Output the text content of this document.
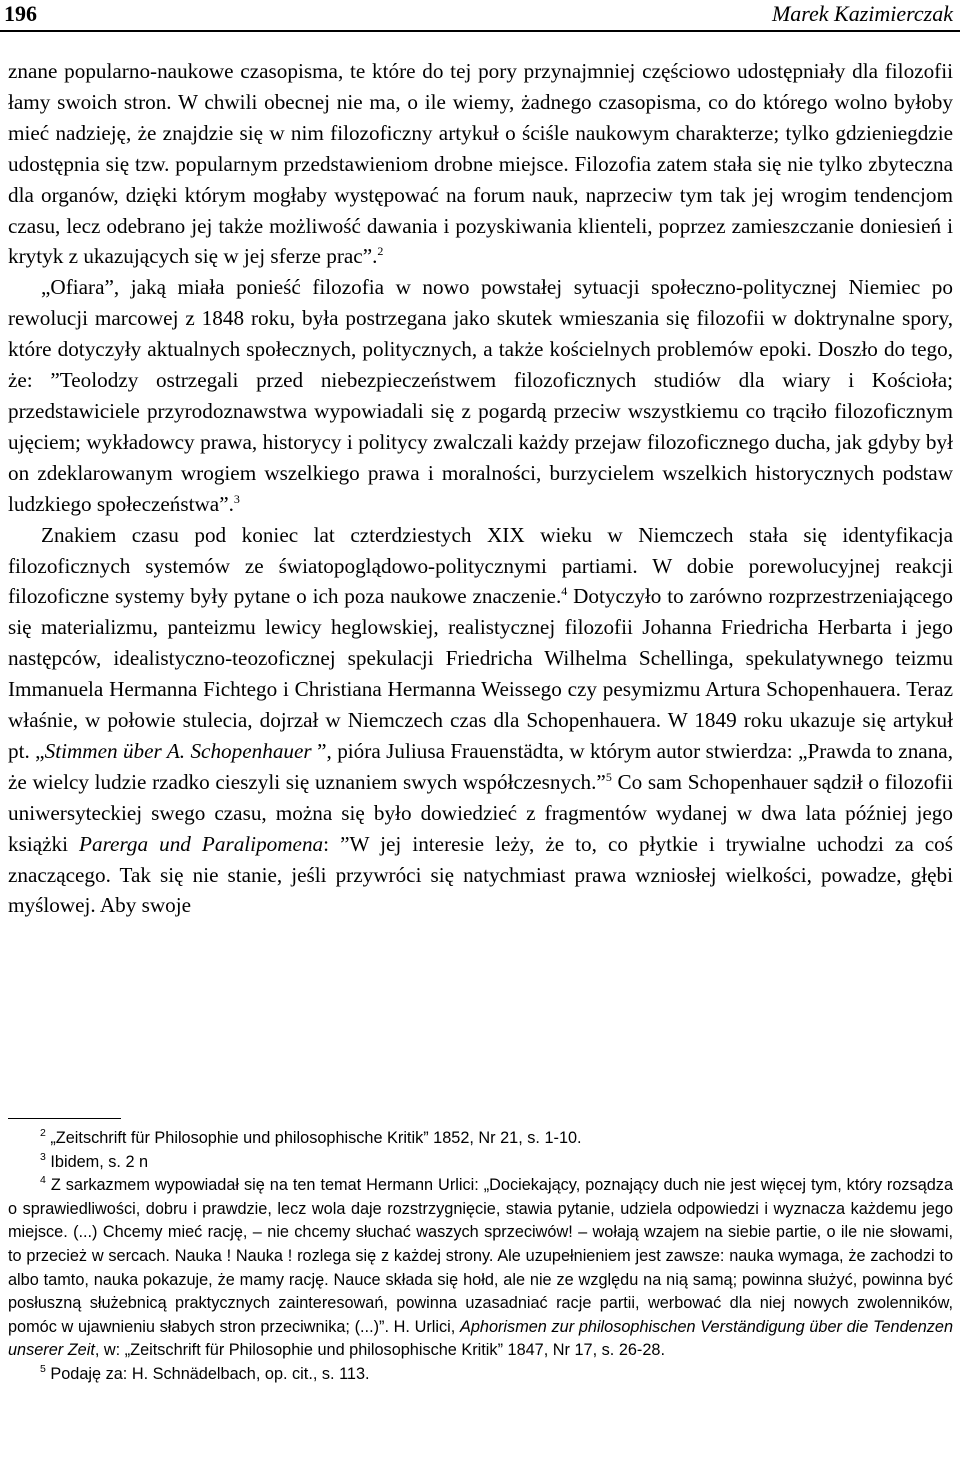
196	Marek Kazimierczak

znane popularno-naukowe czasopisma, te które do tej pory przynajmniej częściowo udostępniały dla filozofii łamy swoich stron. W chwili obecnej nie ma, o ile wiemy, żadnego czasopisma, co do którego wolno byłoby mieć nadzieję, że znajdzie się w nim filozoficzny artykuł o ściśle naukowym charakterze; tylko gdzieniegdzie udostępnia się tzw. popularnym przedstawieniom drobne miejsce. Filozofia zatem stała się nie tylko zbyteczna dla organów, dzięki którym mogłaby występować na forum nauk, naprzeciw tym tak jej wrogim tendencjom czasu, lecz odebrano jej także możliwość dawania i pozyskiwania klienteli, poprzez zamieszczanie doniesień i krytyk z ukazujących się w jej sferze prac”.$^2$

„Ofiara”, jaką miała ponieść filozofia w nowo powstałej sytuacji społeczno-politycznej Niemiec po rewolucji marcowej z 1848 roku, była postrzegana jako skutek wmieszania się filozofii w doktrynalne spory, które dotyczyły aktualnych społecznych, politycznych, a także kościelnych problemów epoki. Doszło do tego, że: ”Teolodzy ostrzegali przed niebezpieczeństwem filozoficznych studiów dla wiary i Kościoła; przedstawiciele przyrodoznawstwa wypowiadali się z pogardą przeciw wszystkiemu co trąciło filozoficznym ujęciem; wykładowcy prawa, historycy i politycy zwalczali każdy przejaw filozoficznego ducha, jak gdyby był on zdeklarowanym wrogiem wszelkiego prawa i moralności, burzycielem wszelkich historycznych podstaw ludzkiego społeczeństwa”.$^3$

Znakiem czasu pod koniec lat czterdziestych XIX wieku w Niemczech stała się identyfikacja filozoficznych systemów ze światopoglądowo-politycznymi partiami. W dobie porewolucyjnej reakcji filozoficzne systemy były pytane o ich poza naukowe znaczenie.$^4$ Dotyczyło to zarówno rozprzestrzeniającego się materializmu, panteizmu lewicy heglowskiej, realistycznej filozofii Johanna Friedricha Herbarta i jego następców, idealistyczno-teozoficznej spekulacji Friedricha Wilhelma Schellinga, spekulatywnego teizmu Immanuela Hermanna Fichtego i Christiana Hermanna Weissego czy pesymizmu Artura Schopenhauera. Teraz właśnie, w połowie stulecia, dojrzał w Niemczech czas dla Schopenhauera. W 1849 roku ukazuje się artykuł pt. „Stimmen über A. Schopenhauer ”, pióra Juliusa Frauenstädta, w którym autor stwierdza: „Prawda to znana, że wielcy ludzie rzadko cieszyli się uznaniem swych współczesnych.”$^5$ Co sam Schopenhauer sądził o filozofii uniwersyteckiej swego czasu, można się było dowiedzieć z fragmentów wydanej w dwa lata później jego książki Parerga und Paralipomena: ”W jej interesie leży, że to, co płytkie i trywialne uchodzi za coś znaczącego. Tak się nie stanie, jeśli przywróci się natychmiast prawa wzniosłej wielkości, powadze, głębi myślowej. Aby swoje

$^2$ „Zeitschrift für Philosophie und philosophische Kritik” 1852, Nr 21, s. 1-10.

$^3$ Ibidem, s. 2 n

$^4$ Z sarkazmem wypowiadał się na ten temat Hermann Urlici: „Dociekający, poznający duch nie jest więcej tym, który rozsądza o sprawiedliwości, dobru i prawdzie, lecz wola daje rozstrzygnięcie, stawia pytanie, udziela odpowiedzi i wyznacza każdemu jego miejsce. (...) Chcemy mieć rację, – nie chcemy słuchać waszych sprzeciwów! – wołają wzajem na siebie partie, o ile nie słowami, to przecież w sercach. Nauka ! Nauka ! rozlega się z każdej strony. Ale uzupełnieniem jest zawsze: nauka wymaga, że zachodzi to albo tamto, nauka pokazuje, że mamy rację. Nauce składa się hołd, ale nie ze względu na nią samą; powinna służyć, powinna być posłuszną służebnicą praktycznych zainteresowań, powinna uzasadniać racje partii, werbować dla niej nowych zwolenników, pomóc w ujawnieniu słabych stron przeciwnika; (...)”. H. Urlici, Aphorismen zur philosophischen Verständigung über die Tendenzen unserer Zeit, w: „Zeitschrift für Philosophie und philosophische Kritik” 1847, Nr 17, s. 26-28.

$^5$ Podaję za: H. Schnädelbach, op. cit., s. 113.
